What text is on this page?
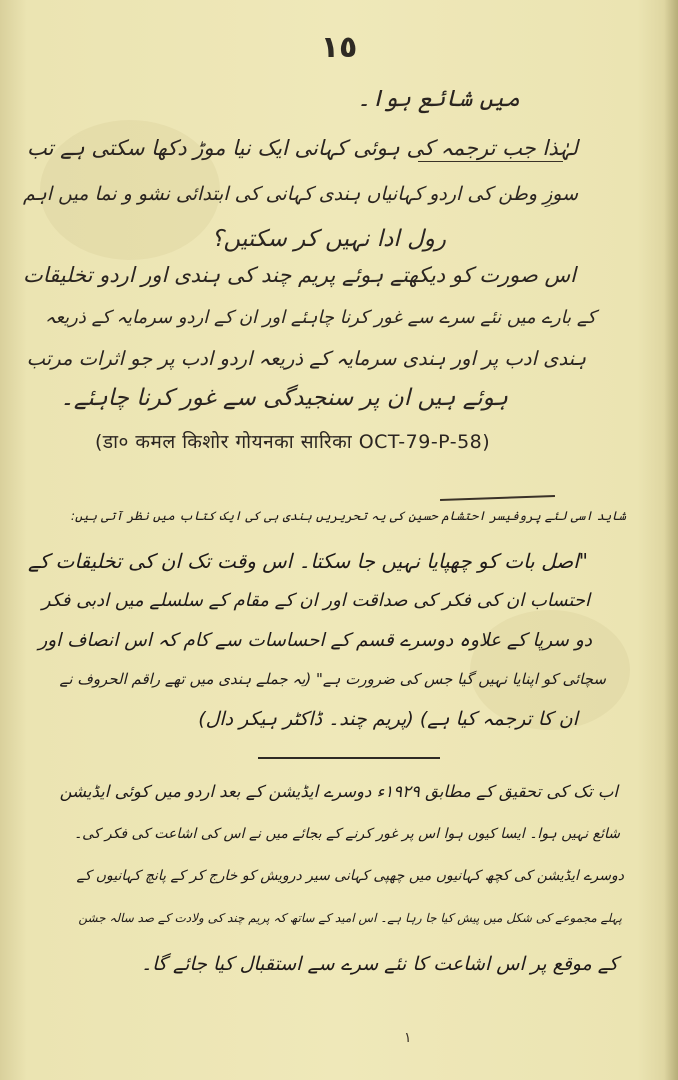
١٥
میں شائع ہوا۔
لہٰذا جب ترجمہ کی ہوئی کہانی ایک نیا موڑ دکھا سکتی ہے تب
سوزِ وطن کی اردو کہانیاں ہندی کہانی کی ابتدائی نشو و نما میں اہم
رول ادا نہیں کر سکتیں؟
اس صورت کو دیکھتے ہوئے پریم چند کی ہندی اور اردو تخلیقات
کے بارے میں نئے سرے سے غور کرنا چاہئے اور ان کے اردو سرمایہ کے ذریعہ
ہندی ادب پر اور ہندی سرمایہ کے ذریعہ اردو ادب پر جو اثرات مرتب
ہوئے ہیں ان پر سنجیدگی سے غور کرنا چاہئے۔
(डा० कमल किशोर गोयनका सारिका OCT-79-P-58)
شاید اسی لئے پروفیسر احتشام حسین کی یہ تحریریں ہندی ہی کی ایک کتاب میں نظر آتی ہیں:
"اصل بات کو چھپایا نہیں جا سکتا۔ اس وقت تک ان کی تخلیقات کے
احتساب ان کی فکر کی صداقت اور ان کے مقام کے سلسلے میں ادبی فکر
دو سرپا کے علاوہ دوسرے قسم کے احساسات سے کام کہ اس انصاف اور
سچائی کو اپنایا نہیں گیا جس کی ضرورت ہے" (یہ جملے ہندی میں تھے راقم الحروف نے
ان کا ترجمہ کیا ہے) (پریم چند۔ ڈاکٹر ہیکر دال)
اب تک کی تحقیق کے مطابق ۱۹۲۹ء دوسرے ایڈیشن کے بعد اردو میں کوئی ایڈیشن
شائع نہیں ہوا۔ ایسا کیوں ہوا اس پر غور کرنے کے بجائے میں نے اس کی اشاعت کی فکر کی۔
دوسرے ایڈیشن کی کچھ کہانیوں میں چھپی کہانی سیر درویش کو خارج کر کے پانچ کہانیوں کے
پہلے مجموعے کی شکل میں پیش کیا جا رہا ہے۔ اس امید کے ساتھ کہ پریم چند کی ولادت کے صد سالہ جشن
کے موقع پر اس اشاعت کا نئے سرے سے استقبال کیا جائے گا۔
۱
